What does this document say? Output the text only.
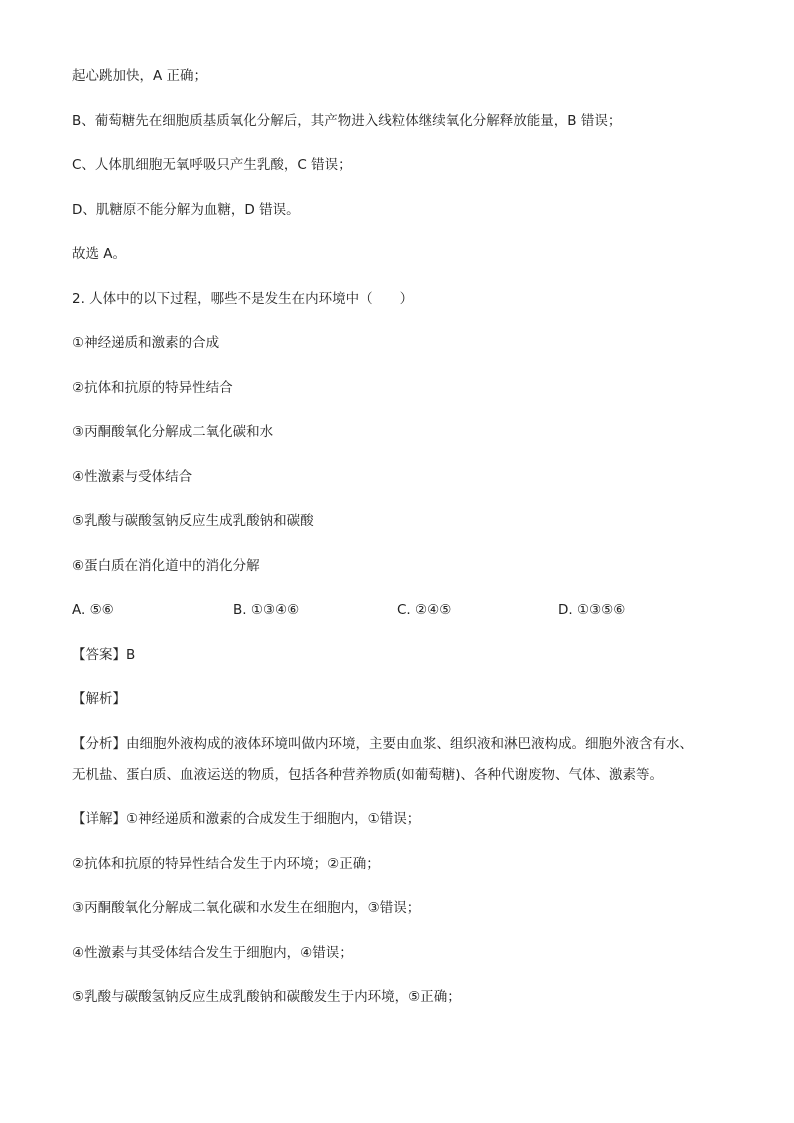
起心跳加快，A 正确；
B、葡萄糖先在细胞质基质氧化分解后，其产物进入线粒体继续氧化分解释放能量，B 错误；
C、人体肌细胞无氧呼吸只产生乳酸，C 错误；
D、肌糖原不能分解为血糖，D 错误。
故选 A。
2. 人体中的以下过程，哪些不是发生在内环境中（　　）
①神经递质和激素的合成
②抗体和抗原的特异性结合
③丙酮酸氧化分解成二氧化碳和水
④性激素与受体结合
⑤乳酸与碳酸氢钠反应生成乳酸钠和碳酸
⑥蛋白质在消化道中的消化分解
A. ⑤⑥	B. ①③④⑥	C. ②④⑤	D. ①③⑤⑥
【答案】B
【解析】
【分析】由细胞外液构成的液体环境叫做内环境，主要由血浆、组织液和淋巴液构成。细胞外液含有水、
无机盐、蛋白质、血液运送的物质，包括各种营养物质(如葡萄糖)、各种代谢废物、气体、激素等。
【详解】①神经递质和激素的合成发生于细胞内，①错误；
②抗体和抗原的特异性结合发生于内环境；②正确；
③丙酮酸氧化分解成二氧化碳和水发生在细胞内，③错误；
④性激素与其受体结合发生于细胞内，④错误；
⑤乳酸与碳酸氢钠反应生成乳酸钠和碳酸发生于内环境，⑤正确；
